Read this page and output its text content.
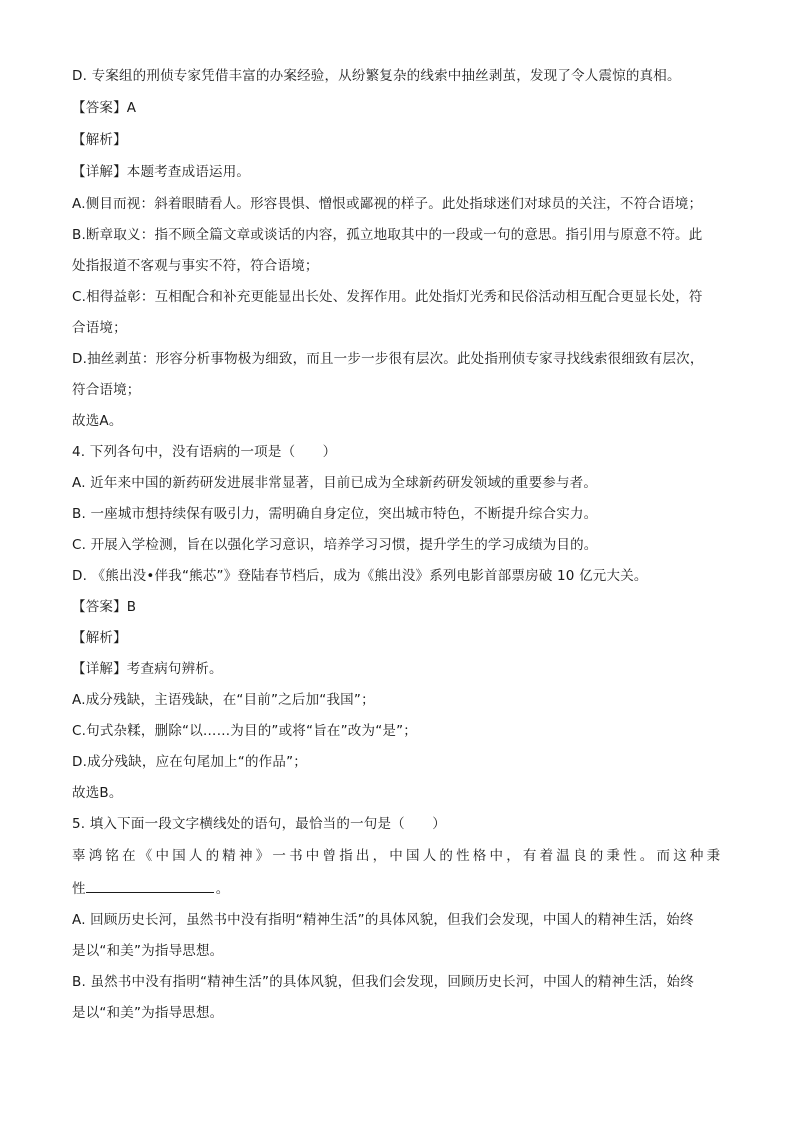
D. 专案组的刑侦专家凭借丰富的办案经验，从纷繁复杂的线索中抽丝剥茧，发现了令人震惊的真相。
【答案】A
【解析】
【详解】本题考查成语运用。
A.侧目而视：斜着眼睛看人。形容畏惧、憎恨或鄙视的样子。此处指球迷们对球员的关注，不符合语境；
B.断章取义：指不顾全篇文章或谈话的内容，孤立地取其中的一段或一句的意思。指引用与原意不符。此
处指报道不客观与事实不符，符合语境；
C.相得益彰：互相配合和补充更能显出长处、发挥作用。此处指灯光秀和民俗活动相互配合更显长处，符
合语境；
D.抽丝剥茧：形容分析事物极为细致，而且一步一步很有层次。此处指刑侦专家寻找线索很细致有层次，
符合语境；
故选A。
4. 下列各句中，没有语病的一项是（　　）
A. 近年来中国的新药研发进展非常显著，目前已成为全球新药研发领域的重要参与者。
B. 一座城市想持续保有吸引力，需明确自身定位，突出城市特色，不断提升综合实力。
C. 开展入学检测，旨在以强化学习意识，培养学习习惯，提升学生的学习成绩为目的。
D. 《熊出没•伴我“熊芯”》登陆春节档后，成为《熊出没》系列电影首部票房破 10 亿元大关。
【答案】B
【解析】
【详解】考查病句辨析。
A.成分残缺，主语残缺，在“目前”之后加“我国”；
C.句式杂糅，删除“以……为目的”或将“旨在”改为“是”；
D.成分残缺，应在句尾加上“的作品”；
故选B。
5. 填入下面一段文字横线处的语句，最恰当的一句是（　　）
辜鸿铭在《中国人的精神》一书中曾指出，中国人的性格中，有着温良的秉性。而这种秉
性	。
A. 回顾历史长河，虽然书中没有指明“精神生活”的具体风貌，但我们会发现，中国人的精神生活，始终
是以“和美”为指导思想。
B. 虽然书中没有指明“精神生活”的具体风貌，但我们会发现，回顾历史长河，中国人的精神生活，始终
是以“和美”为指导思想。
